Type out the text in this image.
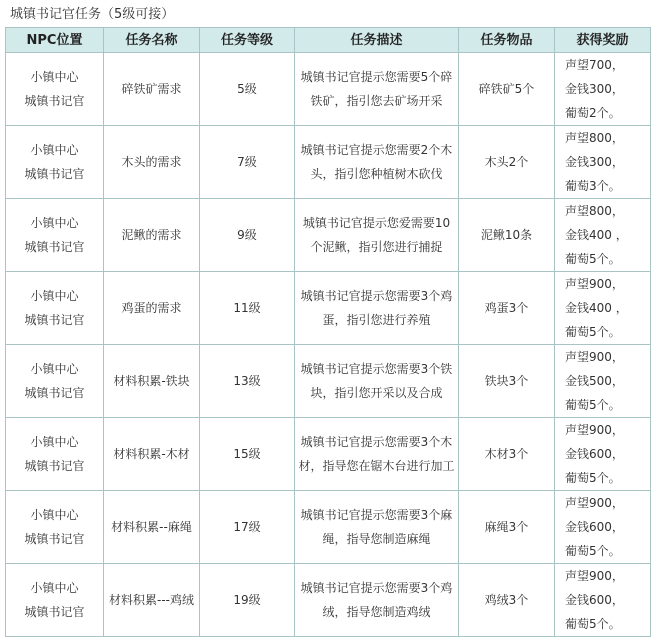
城镇书记官任务（5级可接）
NPC位置	任务名称	任务等级	任务描述	任务物品	获得奖励

小镇中心
城镇书记官	碎铁矿需求	5级	城镇书记官提示您需要5个碎铁矿，指引您去矿场开采	碎铁矿5个	声望700，
金钱300，
葡萄2个。

小镇中心
城镇书记官	木头的需求	7级	城镇书记官提示您需要2个木头，指引您种植树木砍伐	木头2个	声望800，
金钱300，
葡萄3个。

小镇中心
城镇书记官	泥鳅的需求	9级	城镇书记官提示您爱需要10个泥鳅，指引您进行捕捉	泥鳅10条	声望800，
金钱400 ，
葡萄5个。

小镇中心
城镇书记官	鸡蛋的需求	11级	城镇书记官提示您需要3个鸡蛋，指引您进行养殖	鸡蛋3个	声望900，
金钱400 ，
葡萄5个。

小镇中心
城镇书记官	材料积累-铁块	13级	城镇书记官提示您需要3个铁块，指引您开采以及合成	铁块3个	声望900，
金钱500，
葡萄5个。

小镇中心
城镇书记官	材料积累-木材	15级	城镇书记官提示您需要3个木材，指导您在锯木台进行加工	木材3个	声望900，
金钱600，
葡萄5个。

小镇中心
城镇书记官	材料积累--麻绳	17级	城镇书记官提示您需要3个麻绳，指导您制造麻绳	麻绳3个	声望900，
金钱600，
葡萄5个。

小镇中心
城镇书记官	材料积累---鸡绒	19级	城镇书记官提示您需要3个鸡绒，指导您制造鸡绒	鸡绒3个	声望900，
金钱600，
葡萄5个。
